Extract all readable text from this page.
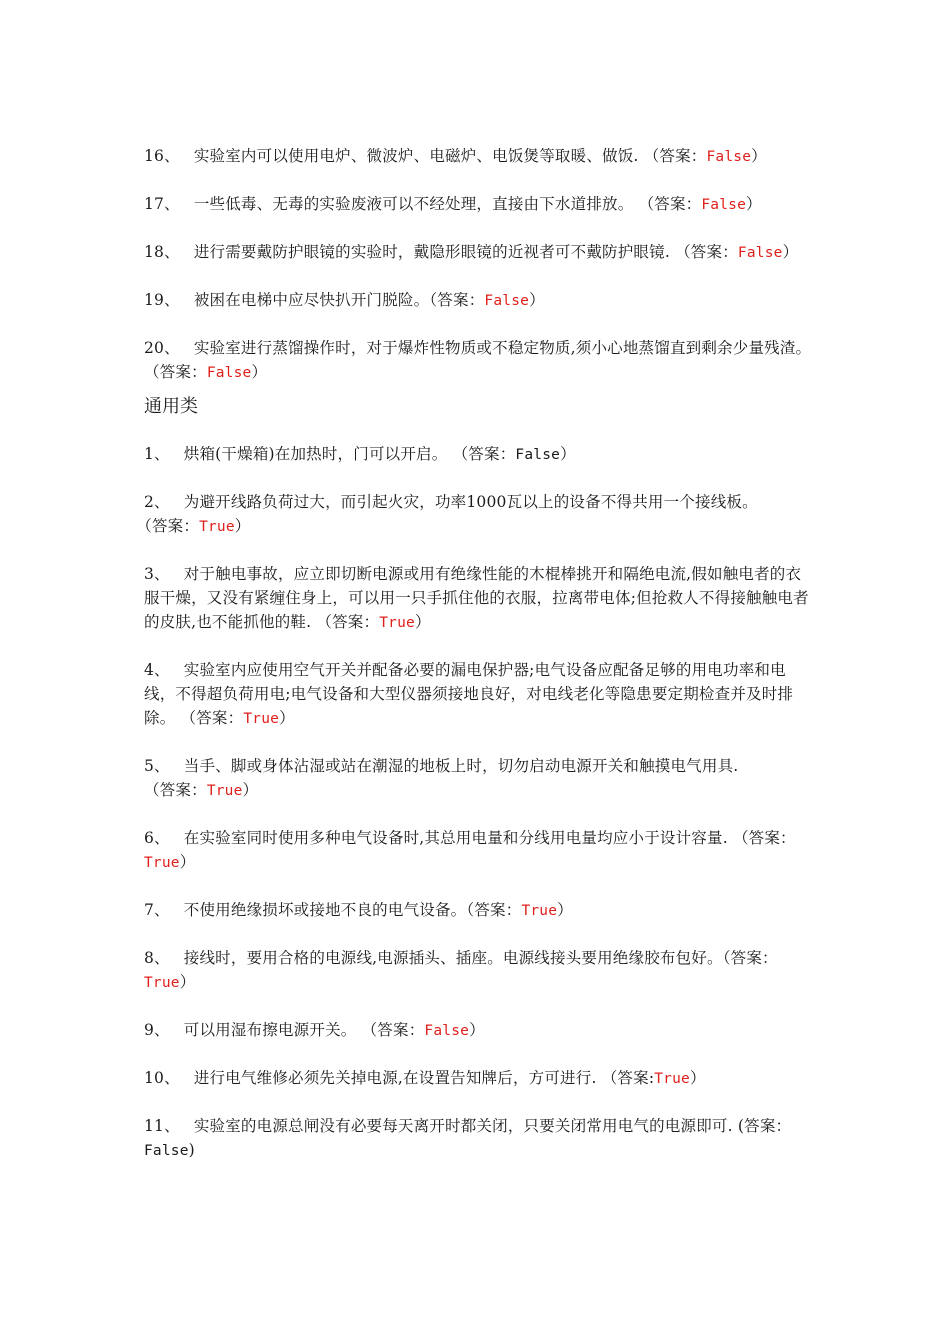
16、 实验室内可以使用电炉、微波炉、电磁炉、电饭煲等取暖、做饭. （答案：False）
17、 一些低毒、无毒的实验废液可以不经处理，直接由下水道排放。 （答案：False）
18、 进行需要戴防护眼镜的实验时，戴隐形眼镜的近视者可不戴防护眼镜. （答案：False）
19、 被困在电梯中应尽快扒开门脱险。（答案：False）
20、 实验室进行蒸馏操作时，对于爆炸性物质或不稳定物质,须小心地蒸馏直到剩余少量残渣。 （答案：False）
通用类
1、 烘箱(干燥箱)在加热时，门可以开启。 （答案：False）
2、 为避开线路负荷过大，而引起火灾，功率1000瓦以上的设备不得共用一个接线板。（答案：True）
3、 对于触电事故，应立即切断电源或用有绝缘性能的木棍棒挑开和隔绝电流,假如触电者的衣服干燥，又没有紧缠住身上，可以用一只手抓住他的衣服，拉离带电体;但抢救人不得接触触电者的皮肤,也不能抓他的鞋. （答案：True）
4、 实验室内应使用空气开关并配备必要的漏电保护器;电气设备应配备足够的用电功率和电线，不得超负荷用电;电气设备和大型仪器须接地良好，对电线老化等隐患要定期检查并及时排除。 （答案：True）
5、 当手、脚或身体沾湿或站在潮湿的地板上时，切勿启动电源开关和触摸电气用具.（答案：True）
6、 在实验室同时使用多种电气设备时,其总用电量和分线用电量均应小于设计容量. （答案：True）
7、 不使用绝缘损坏或接地不良的电气设备。（答案：True）
8、 接线时，要用合格的电源线,电源插头、插座。电源线接头要用绝缘胶布包好。（答案：True）
9、 可以用湿布擦电源开关。 （答案：False）
10、 进行电气维修必须先关掉电源,在设置告知牌后，方可进行. （答案:True）
11、 实验室的电源总闸没有必要每天离开时都关闭，只要关闭常用电气的电源即可. (答案：False)
